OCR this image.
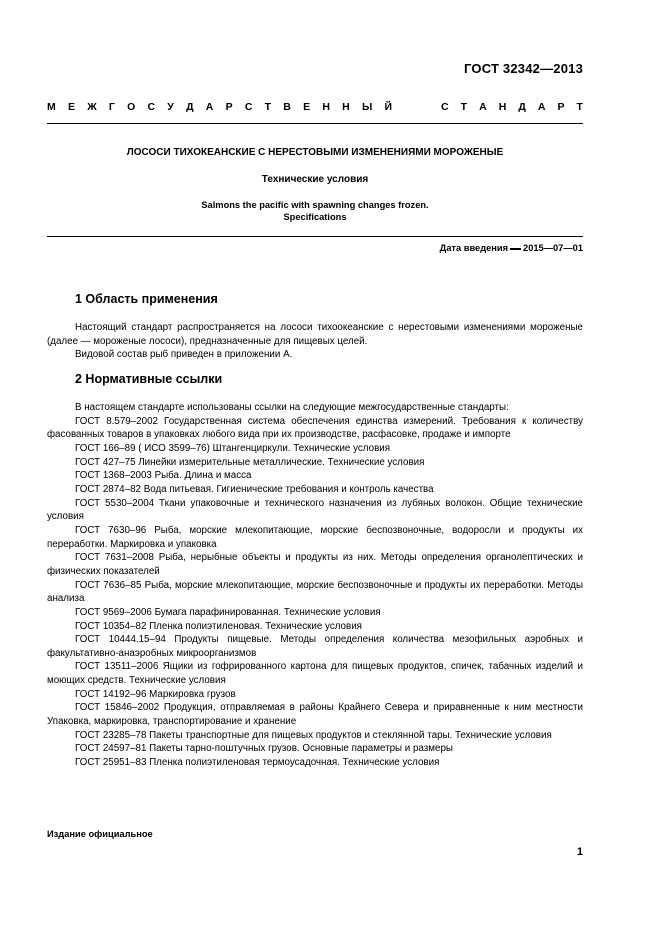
ГОСТ 32342—2013
М Е Ж Г О С У Д А Р С Т В Е Н Н Ы Й	С Т А Н Д А Р Т
ЛОСОСИ ТИХОКЕАНСКИЕ С НЕРЕСТОВЫМИ ИЗМЕНЕНИЯМИ МОРОЖЕНЫЕ
Технические условия
Salmons the pacific with spawning changes frozen.
Specifications
Дата введения 2015—07—01
1 Область применения

Настоящий стандарт распространяется на лососи тихоокеанские с нерестовыми изменениями мороженые (далее — мороженые лососи), предназначенные для пищевых целей.

Видовой состав рыб приведен в приложении А.

2 Нормативные ссылки

В настоящем стандарте использованы ссылки на следующие межгосударственные стандарты:

ГОСТ 8.579–2002 Государственная система обеспечения единства измерений. Требования к количеству фасованных товаров в упаковках любого вида при их производстве, расфасовке, продаже и импорте

ГОСТ 166–89 ( ИСО 3599–76) Штангенциркули. Технические условия

ГОСТ 427–75 Линейки измерительные металлические. Технические условия

ГОСТ 1368–2003 Рыба. Длина и масса

ГОСТ 2874–82 Вода питьевая. Гигиенические требования и контроль качества

ГОСТ 5530–2004 Ткани упаковочные и технического назначения из лубяных волокон. Общие технические условия

ГОСТ 7630–96 Рыба, морские млекопитающие, морские беспозвоночные, водоросли и продукты их переработки. Маркировка и упаковка

ГОСТ 7631–2008 Рыба, нерыбные объекты и продукты из них. Методы определения органолептических и физических показателей

ГОСТ 7636–85 Рыба, морские млекопитающие, морские беспозвоночные и продукты их переработки. Методы анализа

ГОСТ 9569–2006 Бумага парафинированная. Технические условия

ГОСТ 10354–82 Пленка полиэтиленовая. Технические условия

ГОСТ 10444.15–94 Продукты пищевые. Методы определения количества мезофильных аэробных и факультативно-анаэробных микроорганизмов

ГОСТ 13511–2006 Ящики из гофрированного картона для пищевых продуктов, спичек, табачных изделий и моющих средств. Технические условия

ГОСТ 14192–96 Маркировка грузов

ГОСТ 15846–2002 Продукция, отправляемая в районы Крайнего Севера и приравненные к ним местности Упаковка, маркировка, транспортирование и хранение

ГОСТ 23285–78 Пакеты транспортные для пищевых продуктов и стеклянной тары. Технические условия

ГОСТ 24597–81 Пакеты тарно-поштучных грузов. Основные параметры и размеры

ГОСТ 25951–83 Пленка полиэтиленовая термоусадочная. Технические условия

Издание официальное
1
